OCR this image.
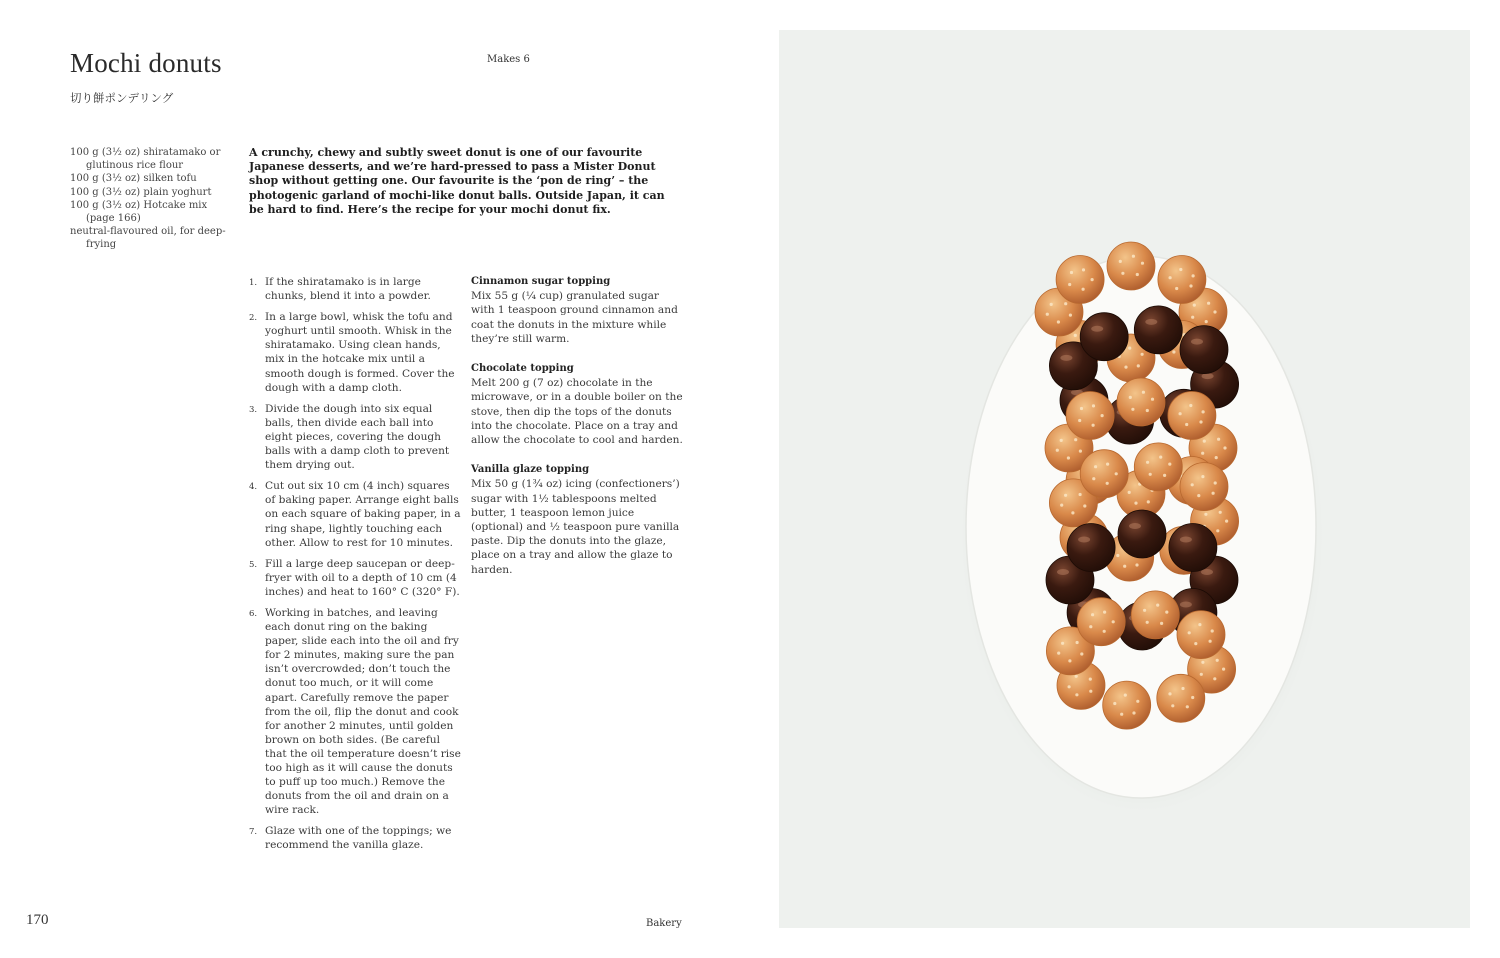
Mochi donuts
切り餅ポンデリング
Makes 6
100 g (3½ oz) shiratamako or glutinous rice flour
100 g (3½ oz) silken tofu
100 g (3½ oz) plain yoghurt
100 g (3½ oz) Hotcake mix (page 166)
neutral-flavoured oil, for deep-frying

A crunchy, chewy and subtly sweet donut is one of our favourite Japanese desserts, and we’re hard-pressed to pass a Mister Donut shop without getting one. Our favourite is the ‘pon de ring’ – the photogenic garland of mochi-like donut balls. Outside Japan, it can be hard to find. Here’s the recipe for your mochi donut fix.

1. If the shiratamako is in large chunks, blend it into a powder.
2. In a large bowl, whisk the tofu and yoghurt until smooth. Whisk in the shiratamako. Using clean hands, mix in the hotcake mix until a smooth dough is formed. Cover the dough with a damp cloth.
3. Divide the dough into six equal balls, then divide each ball into eight pieces, covering the dough balls with a damp cloth to prevent them drying out.
4. Cut out six 10 cm (4 inch) squares of baking paper. Arrange eight balls on each square of baking paper, in a ring shape, lightly touching each other. Allow to rest for 10 minutes.
5. Fill a large deep saucepan or deep-fryer with oil to a depth of 10 cm (4 inches) and heat to 160° C (320° F).
6. Working in batches, and leaving each donut ring on the baking paper, slide each into the oil and fry for 2 minutes, making sure the pan isn’t overcrowded; don’t touch the donut too much, or it will come apart. Carefully remove the paper from the oil, flip the donut and cook for another 2 minutes, until golden brown on both sides. (Be careful that the oil temperature doesn’t rise too high as it will cause the donuts to puff up too much.) Remove the donuts from the oil and drain on a wire rack.
7. Glaze with one of the toppings; we recommend the vanilla glaze.
Cinnamon sugar topping

Mix 55 g (¼ cup) granulated sugar with 1 teaspoon ground cinnamon and coat the donuts in the mixture while they’re still warm.

Chocolate topping

Melt 200 g (7 oz) chocolate in the microwave, or in a double boiler on the stove, then dip the tops of the donuts into the chocolate. Place on a tray and allow the chocolate to cool and harden.

Vanilla glaze topping

Mix 50 g (1¾ oz) icing (confectioners’) sugar with 1½ tablespoons melted butter, 1 teaspoon lemon juice (optional) and ½ teaspoon pure vanilla paste. Dip the donuts into the glaze, place on a tray and allow the glaze to harden.

170	Bakery
